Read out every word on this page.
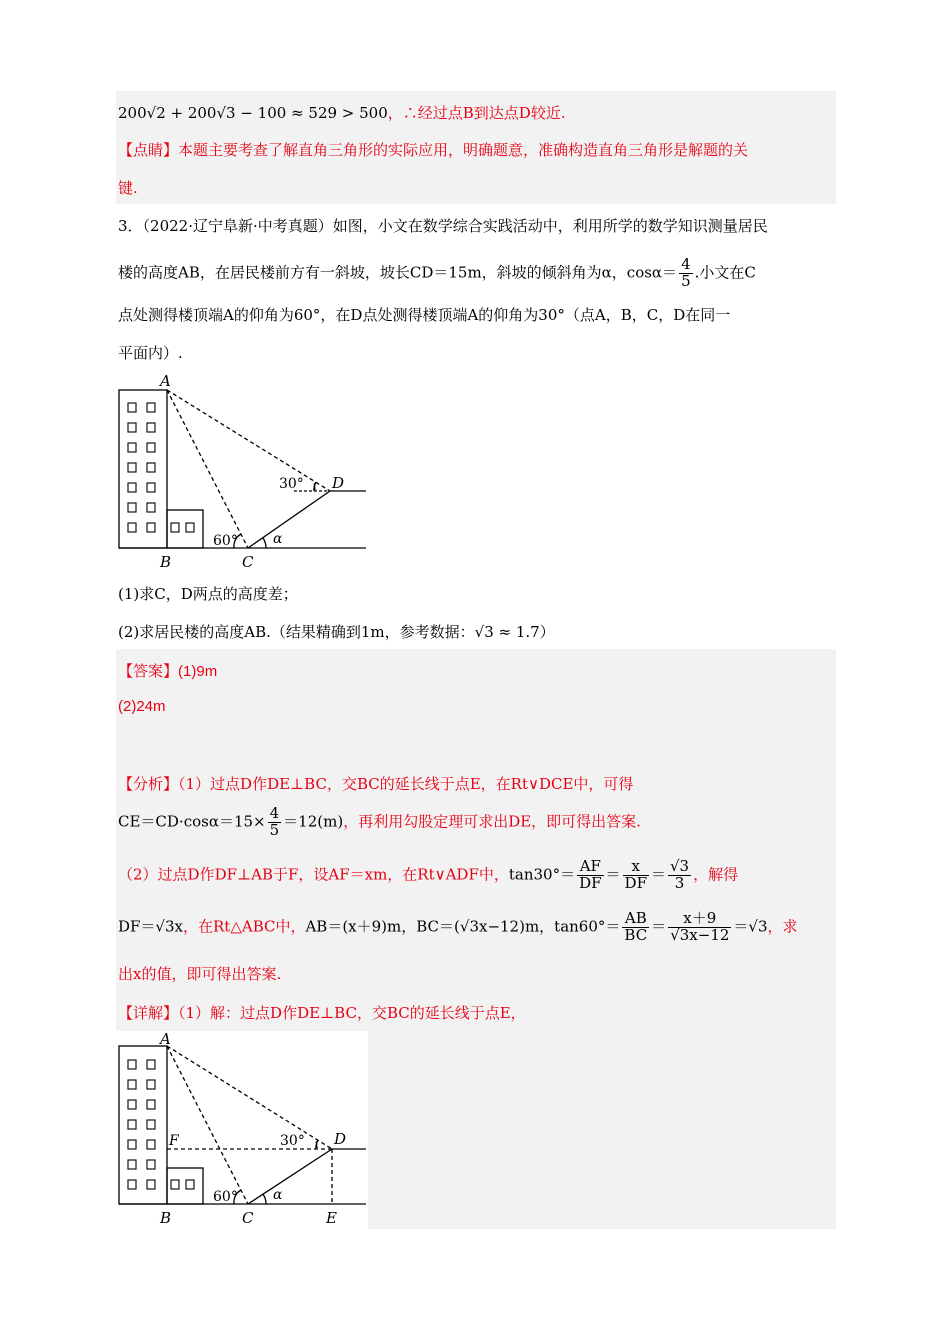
200√2 + 200√3 − 100 ≈ 529 > 500，∴经过点B到达点D较近.
【点睛】本题主要考查了解直角三角形的实际应用，明确题意，准确构造直角三角形是解题的关
键.
3．（2022·辽宁阜新·中考真题）如图，小文在数学综合实践活动中，利用所学的数学知识测量居民
楼的高度AB，在居民楼前方有一斜坡，坡长CD＝15m，斜坡的倾斜角为α，$\cos\alpha= \frac{4}{5}$ .小文在C
点处测得楼顶端A的仰角为60°，在D点处测得楼顶端A的仰角为30°（点A，B，C，D在同一
平面内）.
A
B	C
D
60°	α
30° 1
(1)求C，D两点的高度差；
(2)求居民楼的高度AB.（结果精确到1m，参考数据：√3 ≈ 1.7）
【答案】(1)9m
(2)24m
【分析】（1）过点D作DE⊥BC，交BC的延长线于点E，在Rt∨DCE中，可得
$CE=CD\cdot\cos\alpha=15\times \frac{4}{5} =12(m)$，再利用勾股定理可求出DE，即可得出答案.
（2）过点D作DF⊥AB于F，设AF＝xm，在Rt∨ADF中，$\tan 30^\circ= \frac{AF}{DF} = \frac{x}{DF} = \frac{√3}{3}$ ，解得
DF＝√3x，在Rt△ABC中，AB＝(x＋9)m，BC＝(√3x−12)m，$\tan 60^\circ= \frac{AB}{BC} = \frac{x+9}{√3x-12} =√3$，求
出x的值，即可得出答案.
【详解】（1）解：过点D作DE⊥BC，交BC的延长线于点E，
A
F
B	C
D
E
60°	α
30° 1
